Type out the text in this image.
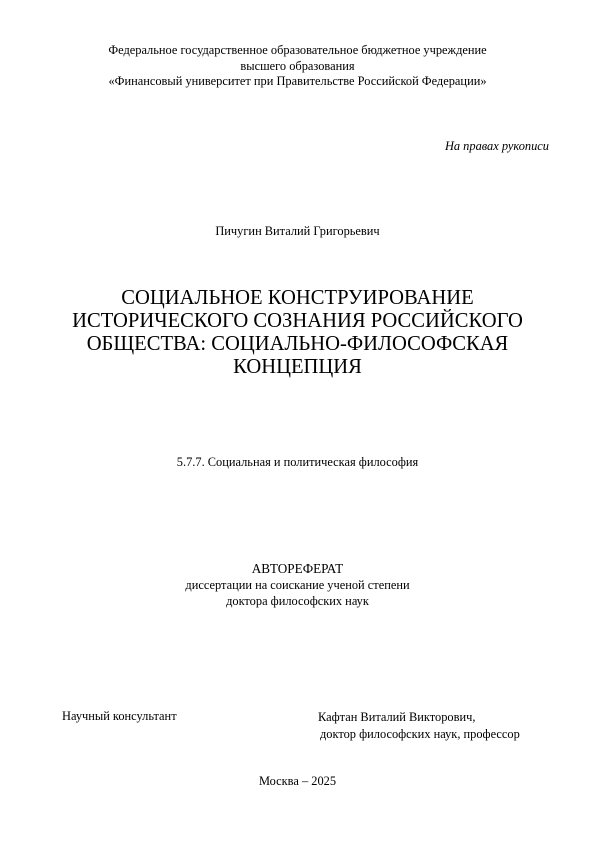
Федеральное государственное образовательное бюджетное учреждение
высшего образования
«Финансовый университет при Правительстве Российской Федерации»
На правах рукописи
Пичугин Виталий Григорьевич
СОЦИАЛЬНОЕ КОНСТРУИРОВАНИЕ
ИСТОРИЧЕСКОГО СОЗНАНИЯ РОССИЙСКОГО
ОБЩЕСТВА: СОЦИАЛЬНО-ФИЛОСОФСКАЯ
КОНЦЕПЦИЯ
5.7.7. Социальная и политическая философия
АВТОРЕФЕРАТ
диссертации на соискание ученой степени
доктора философских наук
Научный консультант	Кафтан Виталий Викторович,
доктор философских наук, профессор
Москва – 2025
